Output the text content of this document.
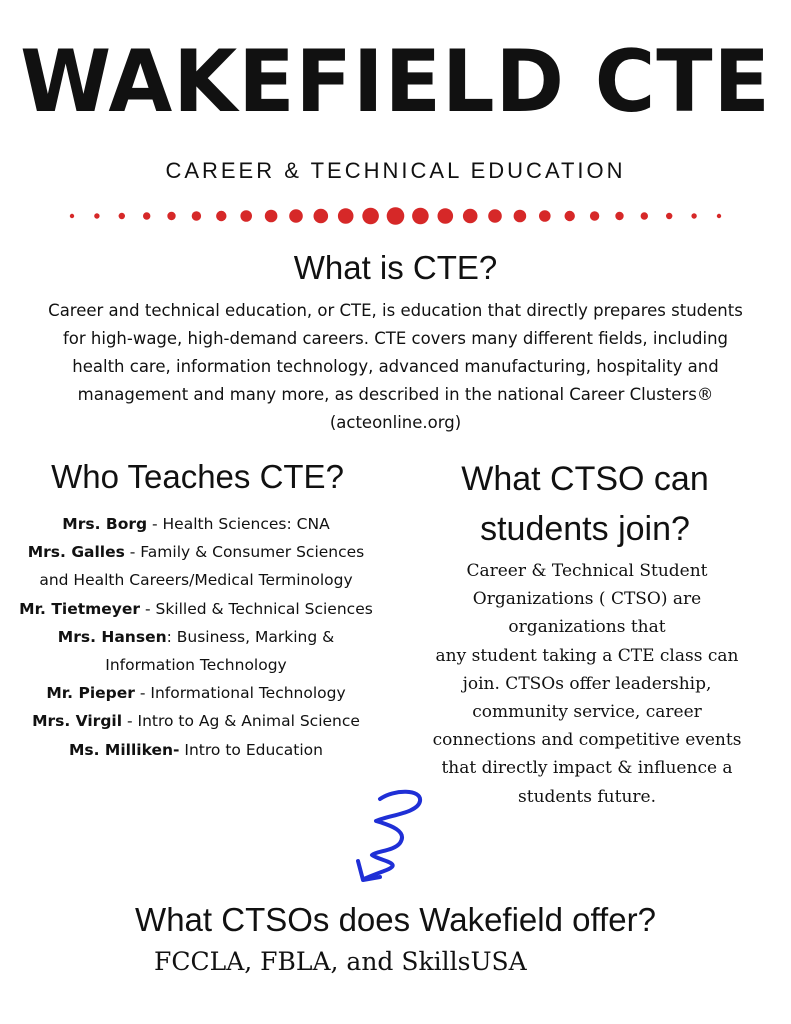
WAKEFIELD CTE
CAREER & TECHNICAL EDUCATION
What is CTE?
Career and technical education, or CTE, is education that directly prepares students
for high-wage, high-demand careers. CTE covers many different fields, including
health care, information technology, advanced manufacturing, hospitality and
management and many more, as described in the national Career Clusters®
(acteonline.org)
Who Teaches CTE?
Mrs. Borg - Health Sciences: CNA
Mrs. Galles - Family & Consumer Sciences and Health Careers/Medical Terminology
Mr. Tietmeyer - Skilled & Technical Sciences
Mrs. Hansen: Business, Marking & Information Technology
Mr. Pieper - Informational Technology
Mrs. Virgil - Intro to Ag & Animal Science
Ms. Milliken- Intro to Education
What CTSO can
students join?
Career & Technical Student
Organizations ( CTSO) are
organizations that
any student taking a CTE class can
join. CTSOs offer leadership,
community service, career
connections and competitive events
that directly impact & influence a
students future.
What CTSOs does Wakefield offer?
FCCLA, FBLA, and SkillsUSA
